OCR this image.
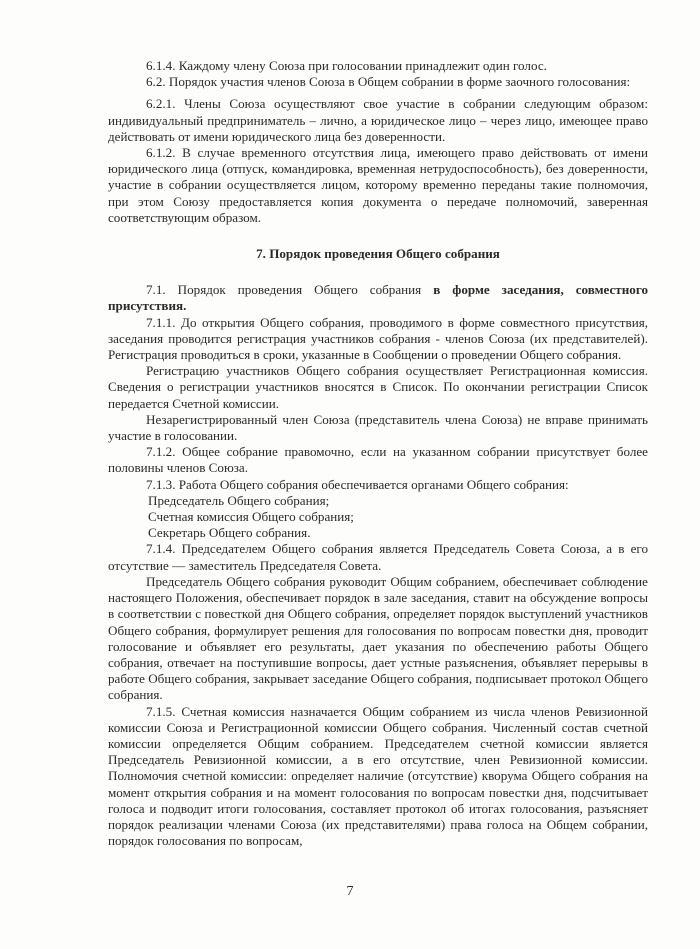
6.1.4. Каждому члену Союза при голосовании принадлежит один голос.

6.2. Порядок участия членов Союза в Общем собрании в форме заочного голосования:

6.2.1. Члены Союза осуществляют свое участие в собрании следующим образом: индивидуальный предприниматель – лично, а юридическое лицо – через лицо, имеющее право действовать от имени юридического лица без доверенности.

6.1.2. В случае временного отсутствия лица, имеющего право действовать от имени юридического лица (отпуск, командировка, временная нетрудоспособность), без доверенности, участие в собрании осуществляется лицом, которому временно переданы такие полномочия, при этом Союзу предоставляется копия документа о передаче полномочий, заверенная соответствующим образом.

7. Порядок проведения Общего собрания

7.1. Порядок проведения Общего собрания в форме заседания, совместного присутствия.

7.1.1. До открытия Общего собрания, проводимого в форме совместного присутствия, заседания проводится регистрация участников собрания - членов Союза (их представителей). Регистрация проводиться в сроки, указанные в Сообщении о проведении Общего собрания.

Регистрацию участников Общего собрания осуществляет Регистрационная комиссия. Сведения о регистрации участников вносятся в Список. По окончании регистрации Список передается Счетной комиссии.

Незарегистрированный член Союза (представитель члена Союза) не вправе принимать участие в голосовании.

7.1.2. Общее собрание правомочно, если на указанном собрании присутствует более половины членов Союза.

7.1.3. Работа Общего собрания обеспечивается органами Общего собрания:

Председатель Общего собрания;

Счетная комиссия Общего собрания;

Секретарь Общего собрания.

7.1.4. Председателем Общего собрания является Председатель Совета Союза, а в его отсутствие — заместитель Председателя Совета.

Председатель Общего собрания руководит Общим собранием, обеспечивает соблюдение настоящего Положения, обеспечивает порядок в зале заседания, ставит на обсуждение вопросы в соответствии с повесткой дня Общего собрания, определяет порядок выступлений участников Общего собрания, формулирует решения для голосования по вопросам повестки дня, проводит голосование и объявляет его результаты, дает указания по обеспечению работы Общего собрания, отвечает на поступившие вопросы, дает устные разъяснения, объявляет перерывы в работе Общего собрания, закрывает заседание Общего собрания, подписывает протокол Общего собрания.

7.1.5. Счетная комиссия назначается Общим собранием из числа членов Ревизионной комиссии Союза и Регистрационной комиссии Общего собрания. Численный состав счетной комиссии определяется Общим собранием. Председателем счетной комиссии является Председатель Ревизионной комиссии, а в его отсутствие, член Ревизионной комиссии. Полномочия счетной комиссии: определяет наличие (отсутствие) кворума Общего собрания на момент открытия собрания и на момент голосования по вопросам повестки дня, подсчитывает голоса и подводит итоги голосования, составляет протокол об итогах голосования, разъясняет порядок реализации членами Союза (их представителями) права голоса на Общем собрании, порядок голосования по вопросам,

7
